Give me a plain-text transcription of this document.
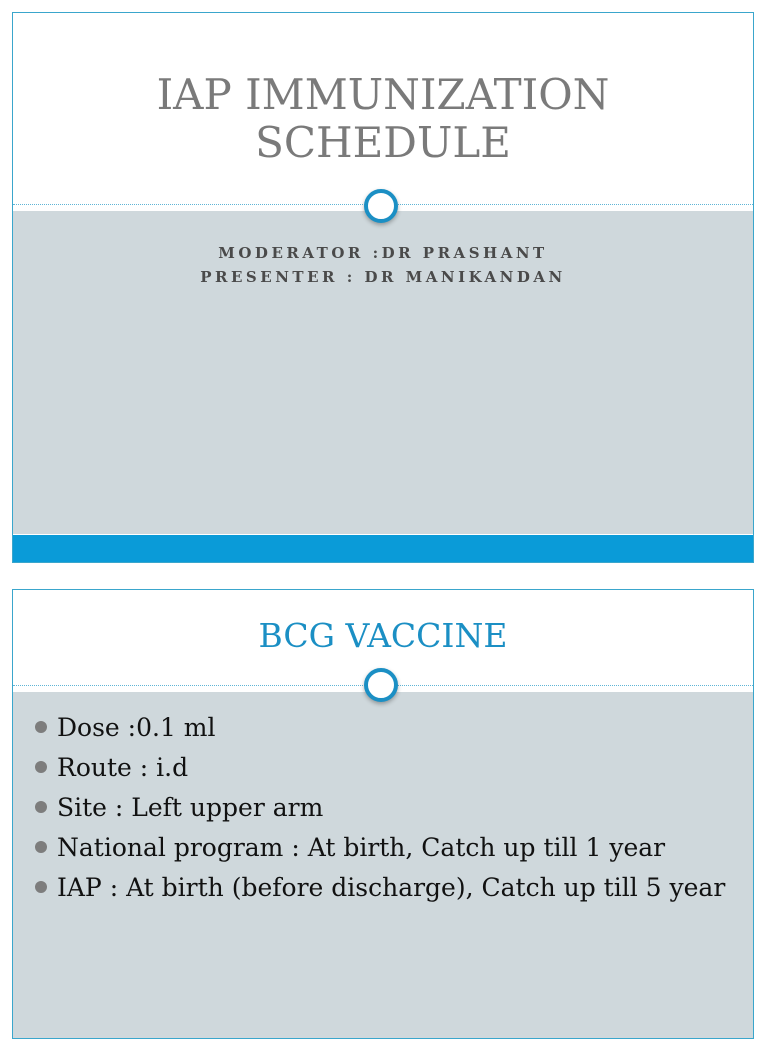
IAP IMMUNIZATION
SCHEDULE
MODERATOR :DR PRASHANT
PRESENTER : DR MANIKANDAN
BCG VACCINE
Dose :0.1 ml
Route : i.d
Site : Left upper arm
National program : At birth, Catch up till 1 year
IAP : At birth (before discharge), Catch up till 5 year
